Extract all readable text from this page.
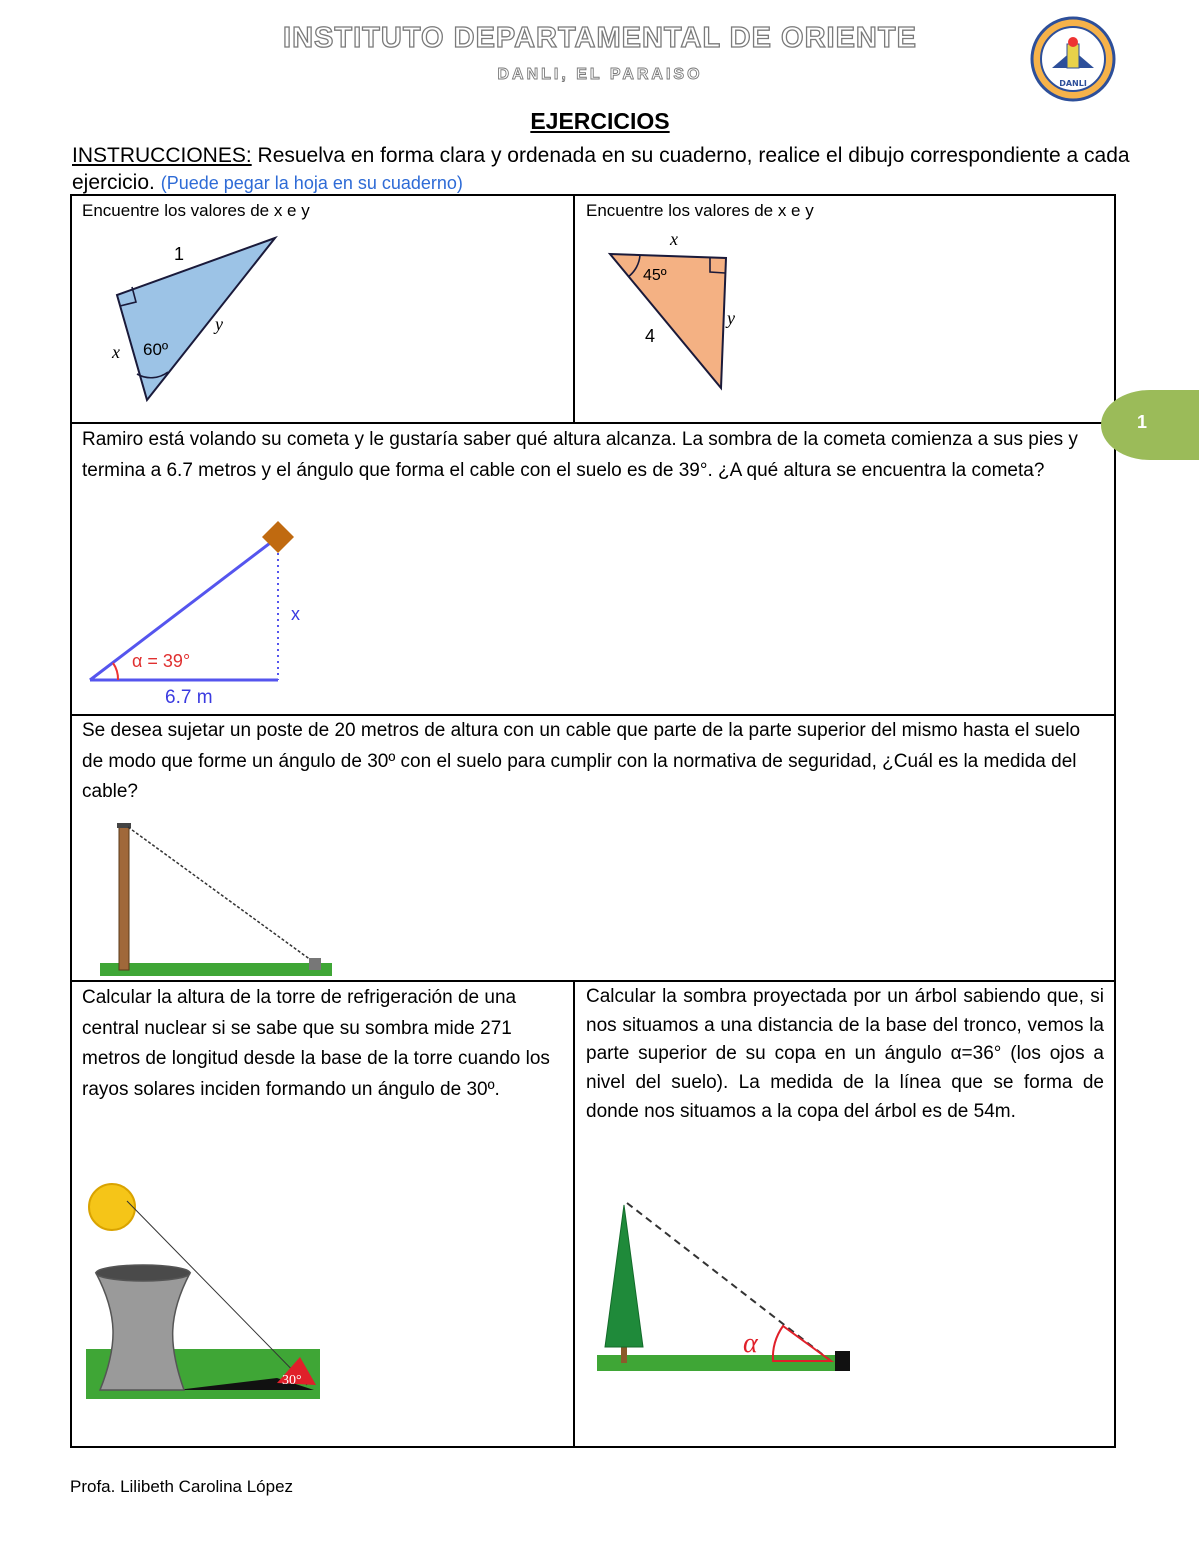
INSTITUTO DEPARTAMENTAL DE ORIENTE
DANLI, EL PARAISO
DANLI
EJERCICIOS
INSTRUCCIONES: Resuelva en forma clara y ordenada en su cuaderno, realice el dibujo correspondiente a cada ejercicio. (Puede pegar la hoja en su cuaderno)
Encuentre los valores de x e y
1
60º
x
y
Encuentre los valores de x e y
x
45º
4
y
Ramiro está volando su cometa y le gustaría saber qué altura alcanza. La sombra de la cometa comienza a sus pies y termina a 6.7 metros y el ángulo que forma el cable con el suelo es de 39°. ¿A qué altura se encuentra la cometa?
α = 39°
6.7 m
x
Se desea sujetar un poste de 20 metros de altura con un cable que parte de la parte superior del mismo hasta el suelo de modo que forme un ángulo de 30º con el suelo para cumplir con la normativa de seguridad, ¿Cuál es la medida del cable?
Calcular la altura de la torre de refrigeración de una central nuclear si se sabe que su sombra mide 271 metros de longitud desde la base de la torre cuando los rayos solares inciden formando un ángulo de 30º.
30°
Calcular la sombra proyectada por un árbol sabiendo que, si nos situamos a una distancia de la base del tronco, vemos la parte superior de su copa en un ángulo α=36° (los ojos a nivel del suelo). La medida de la línea que se forma de donde nos situamos a la copa del árbol es de 54m.
α
1
Profa. Lilibeth Carolina López
